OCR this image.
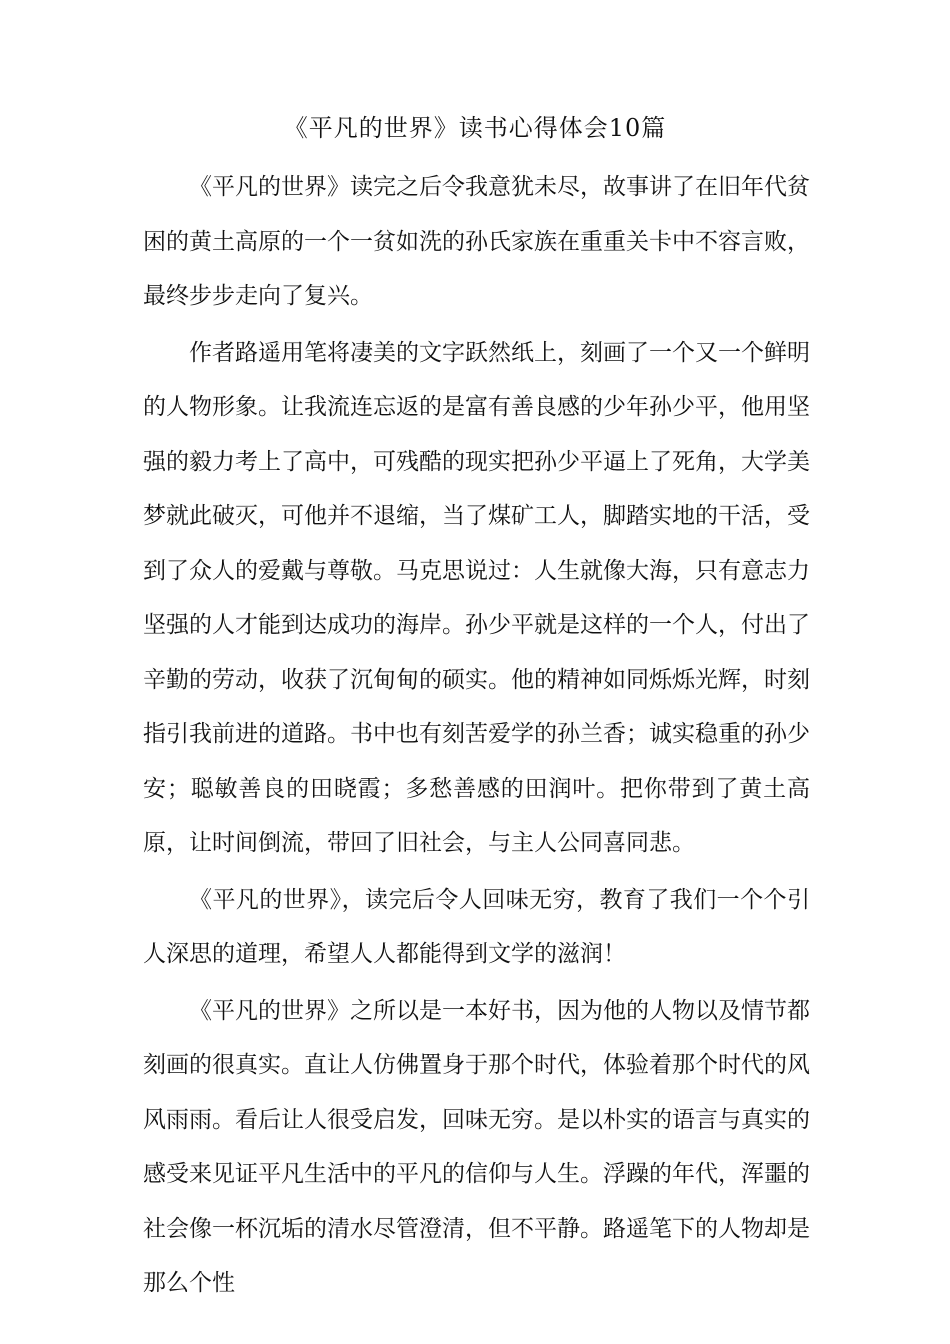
《平凡的世界》读书心得体会10篇

《平凡的世界》读完之后令我意犹未尽，故事讲了在旧年代贫困的黄土高原的一个一贫如洗的孙氏家族在重重关卡中不容言败，最终步步走向了复兴。

作者路遥用笔将凄美的文字跃然纸上，刻画了一个又一个鲜明的人物形象。让我流连忘返的是富有善良感的少年孙少平，他用坚强的毅力考上了高中，可残酷的现实把孙少平逼上了死角，大学美梦就此破灭，可他并不退缩，当了煤矿工人，脚踏实地的干活，受到了众人的爱戴与尊敬。马克思说过：人生就像大海，只有意志力坚强的人才能到达成功的海岸。孙少平就是这样的一个人，付出了辛勤的劳动，收获了沉甸甸的硕实。他的精神如同烁烁光辉，时刻指引我前进的道路。书中也有刻苦爱学的孙兰香；诚实稳重的孙少安；聪敏善良的田晓霞；多愁善感的田润叶。把你带到了黄土高原，让时间倒流，带回了旧社会，与主人公同喜同悲。

《平凡的世界》，读完后令人回味无穷，教育了我们一个个引人深思的道理，希望人人都能得到文学的滋润！

《平凡的世界》之所以是一本好书，因为他的人物以及情节都刻画的很真实。直让人仿佛置身于那个时代，体验着那个时代的风风雨雨。看后让人很受启发，回味无穷。是以朴实的语言与真实的感受来见证平凡生活中的平凡的信仰与人生。浮躁的年代，浑噩的社会像一杯沉垢的清水尽管澄清，但不平静。路遥笔下的人物却是那么个性
